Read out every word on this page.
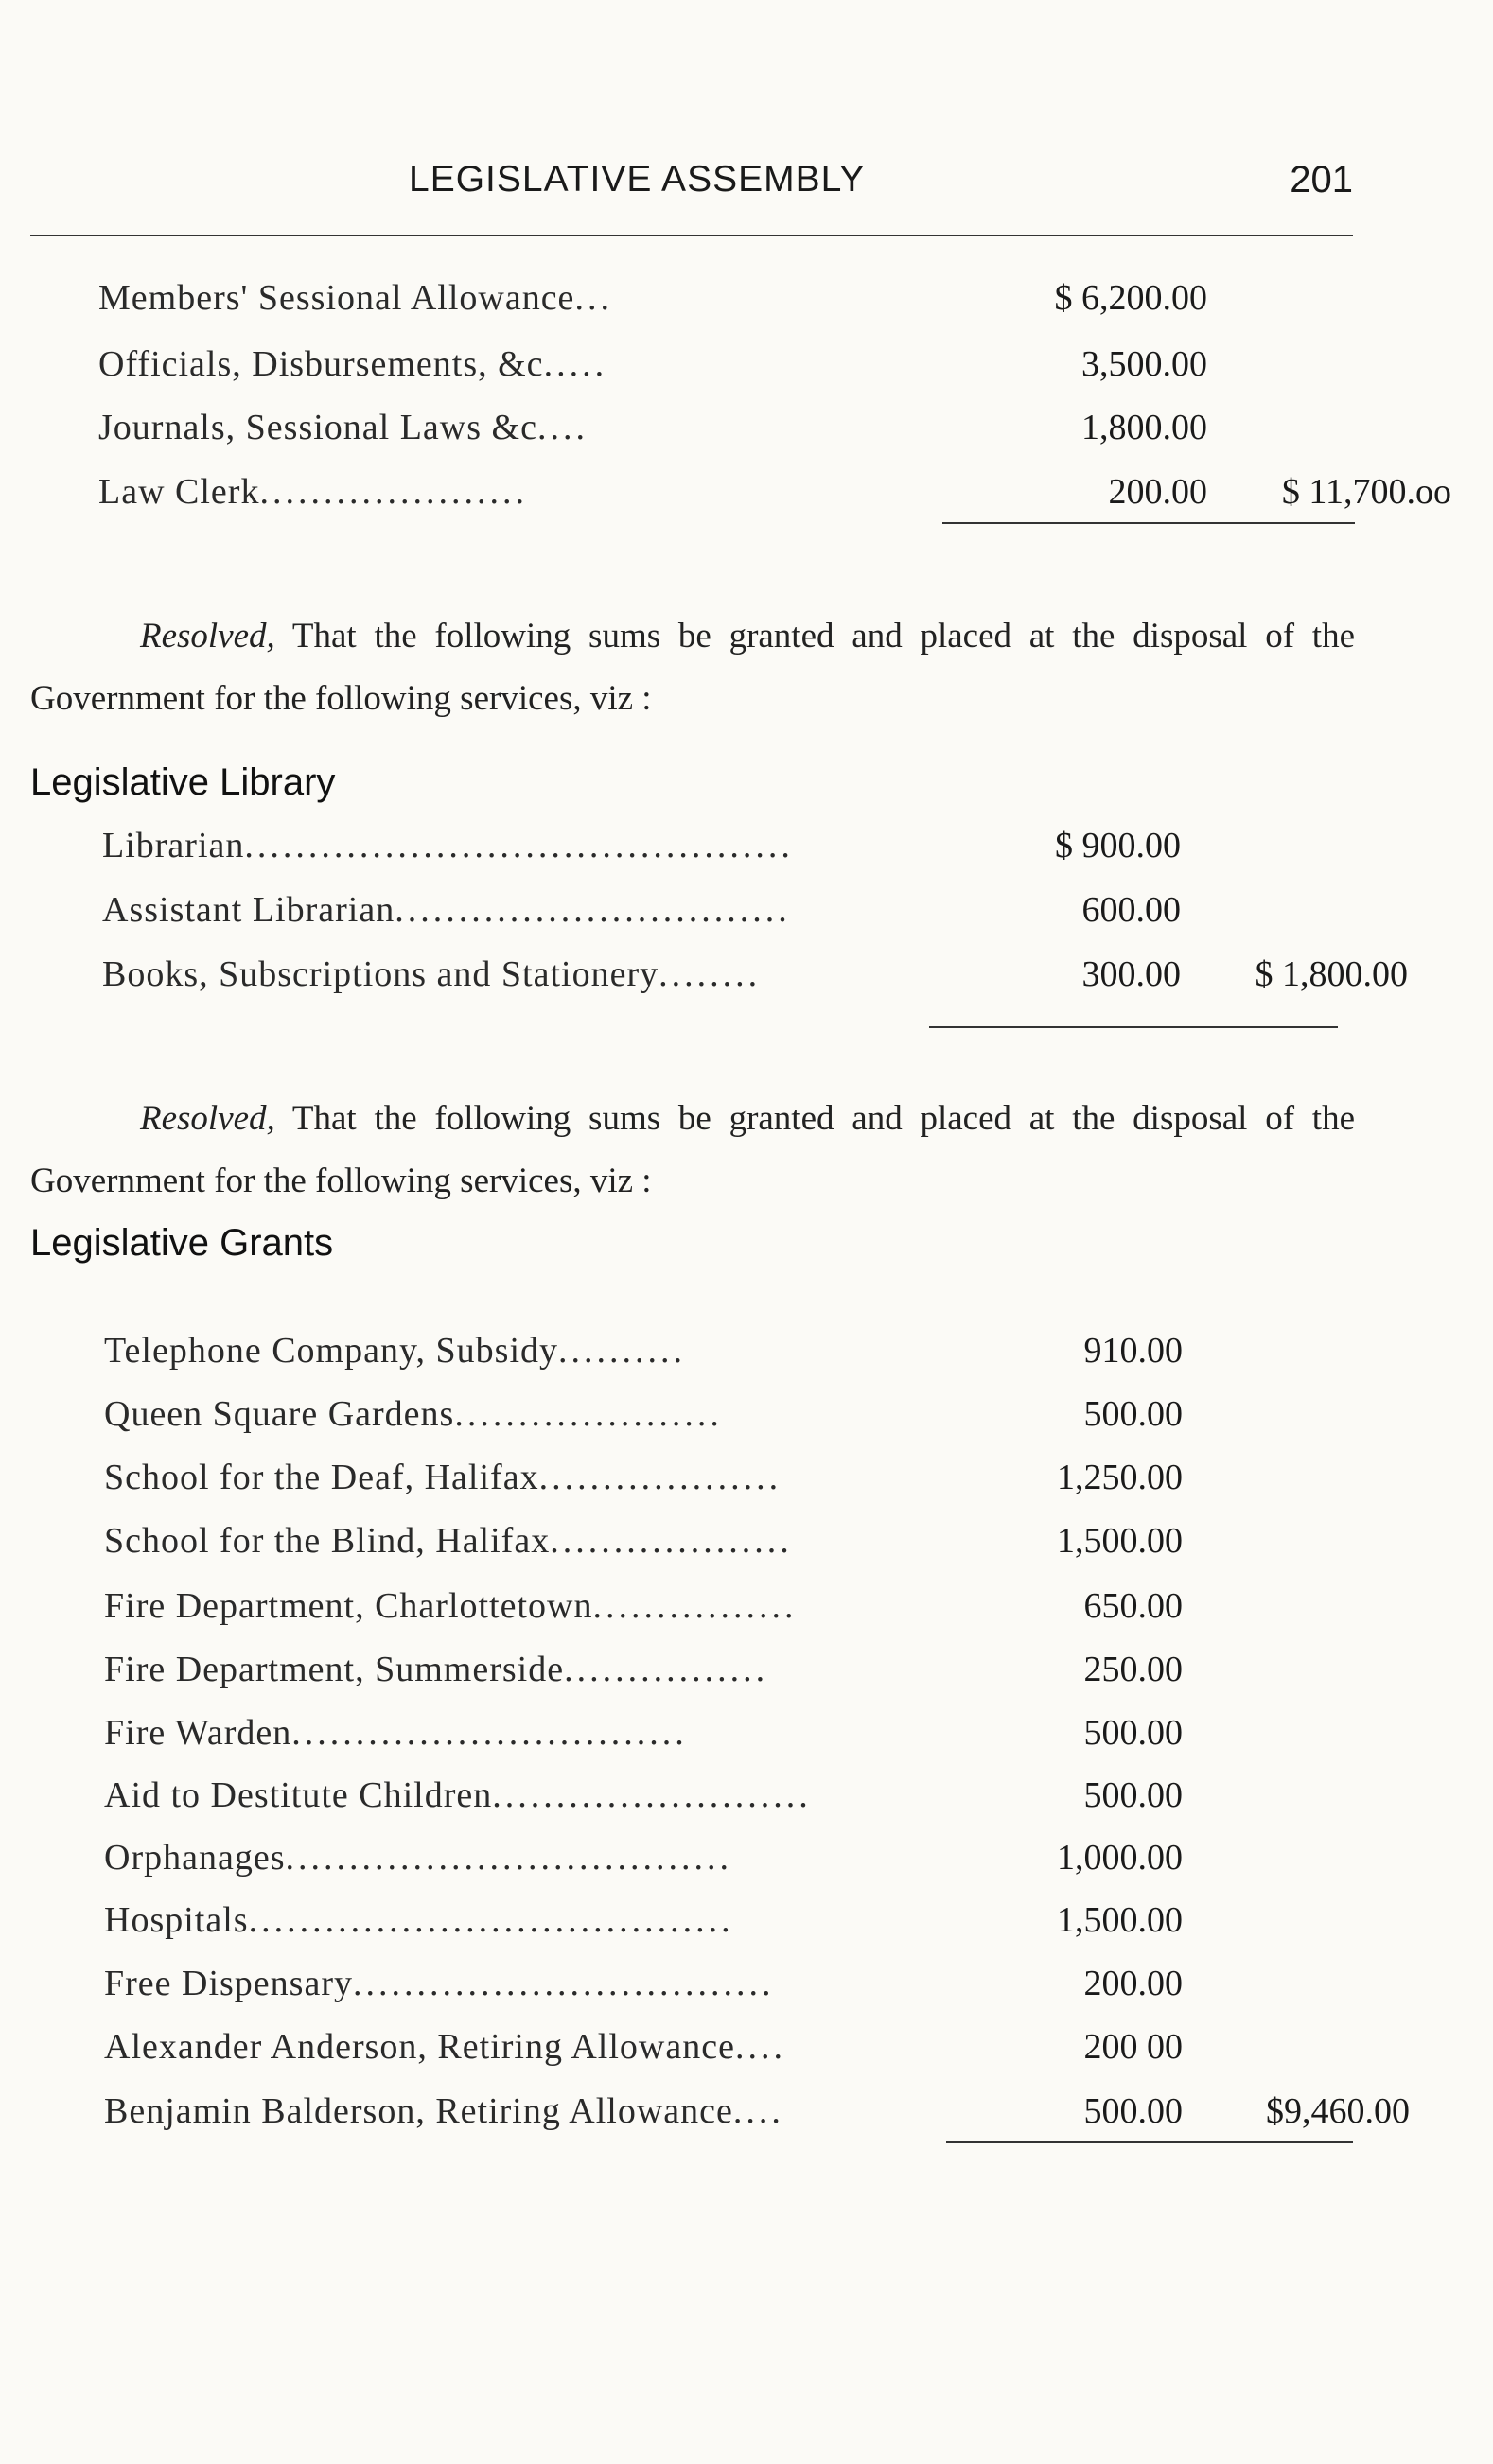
LEGISLATIVE ASSEMBLY	201
Members' Sessional Allowance...	$ 6,200.00
Officials, Disbursements, &c.....	3,500.00
Journals, Sessional Laws &c....	1,800.00
Law Clerk.....................	200.00	$ 11,700.oo

Resolved, That the following sums be granted and placed at the disposal of the Government for the following services, viz :

Legislative Library
Librarian...........................................	$ 900.00
Assistant Librarian...............................	600.00
Books, Subscriptions and Stationery........	300.00	$ 1,800.00

Resolved, That the following sums be granted and placed at the disposal of the Government for the following services, viz :

Legislative Grants
Telephone Company, Subsidy..........	910.00
Queen Square Gardens.....................	500.00
School for the Deaf, Halifax...................	1,250.00
School for the Blind, Halifax...................	1,500.00
Fire Department, Charlottetown................	650.00
Fire Department, Summerside................	250.00
Fire Warden...............................	500.00
Aid to Destitute Children.........................	500.00
Orphanages...................................	1,000.00
Hospitals......................................	1,500.00
Free Dispensary.................................	200.00
Alexander Anderson, Retiring Allowance....	200 00
Benjamin Balderson, Retiring Allowance....	500.00	$9,460.00
